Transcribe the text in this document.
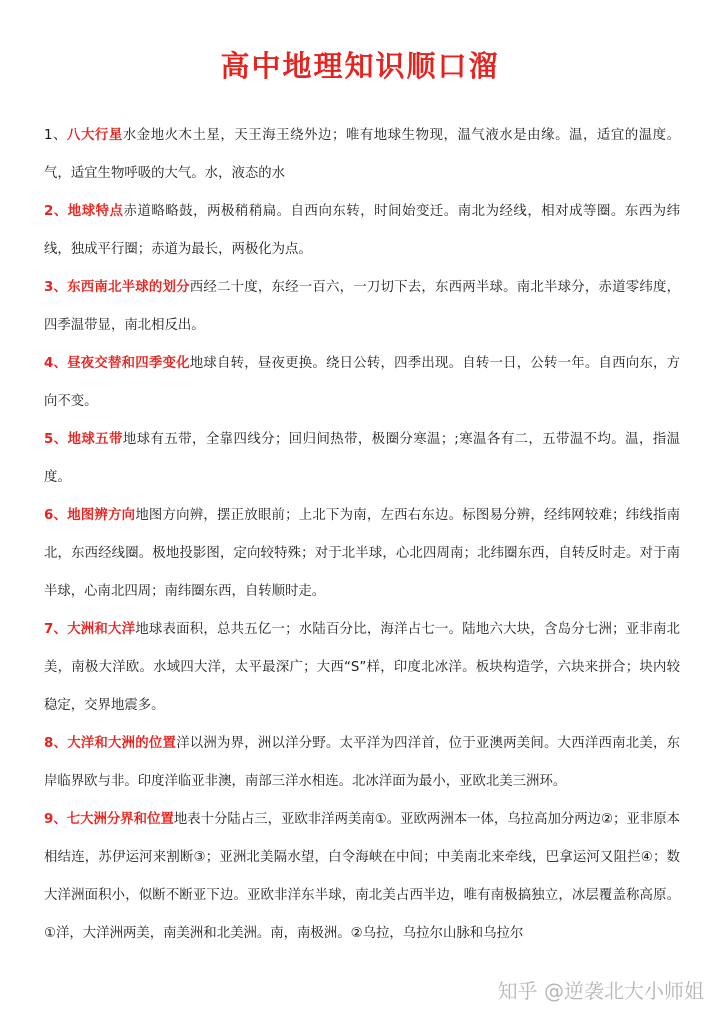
高中地理知识顺口溜

1、八大行星水金地火木土星，天王海王绕外边；唯有地球生物现，温气液水是由缘。温，适宜的温度。气，适宜生物呼吸的大气。水，液态的水

2、地球特点赤道略略鼓，两极稍稍扁。自西向东转，时间始变迁。南北为经线，相对成等圈。东西为纬线，独成平行圈；赤道为最长，两极化为点。

3、东西南北半球的划分西经二十度，东经一百六，一刀切下去，东西两半球。南北半球分，赤道零纬度，四季温带显，南北相反出。

4、昼夜交替和四季变化地球自转，昼夜更换。绕日公转，四季出现。自转一日，公转一年。自西向东，方向不变。

5、地球五带地球有五带，全靠四线分；回归间热带，极圈分寒温；;寒温各有二，五带温不均。温，指温度。

6、地图辨方向地图方向辨，摆正放眼前；上北下为南，左西右东边。标图易分辨，经纬网较难；纬线指南北，东西经线圈。极地投影图，定向较特殊；对于北半球，心北四周南；北纬圈东西，自转反时走。对于南半球，心南北四周；南纬圈东西，自转顺时走。

7、大洲和大洋地球表面积，总共五亿一；水陆百分比，海洋占七一。陆地六大块，含岛分七洲；亚非南北美，南极大洋欧。水域四大洋，太平最深广；大西“S”样，印度北冰洋。板块构造学，六块来拼合；块内较稳定，交界地震多。

8、大洋和大洲的位置洋以洲为界，洲以洋分野。太平洋为四洋首，位于亚澳两美间。大西洋西南北美，东岸临界欧与非。印度洋临亚非澳，南部三洋水相连。北冰洋面为最小，亚欧北美三洲环。

9、七大洲分界和位置地表十分陆占三，亚欧非洋两美南①。亚欧两洲本一体，乌拉高加分两边②；亚非原本相结连，苏伊运河来割断③；亚洲北美隔水望，白令海峡在中间；中美南北来牵线，巴拿运河又阻拦④；数大洋洲面积小，似断不断亚下边。亚欧非洋东半球，南北美占西半边，唯有南极搞独立，冰层覆盖称高原。①洋，大洋洲两美，南美洲和北美洲。南，南极洲。②乌拉，乌拉尔山脉和乌拉尔

知乎 @逆袭北大小师姐
